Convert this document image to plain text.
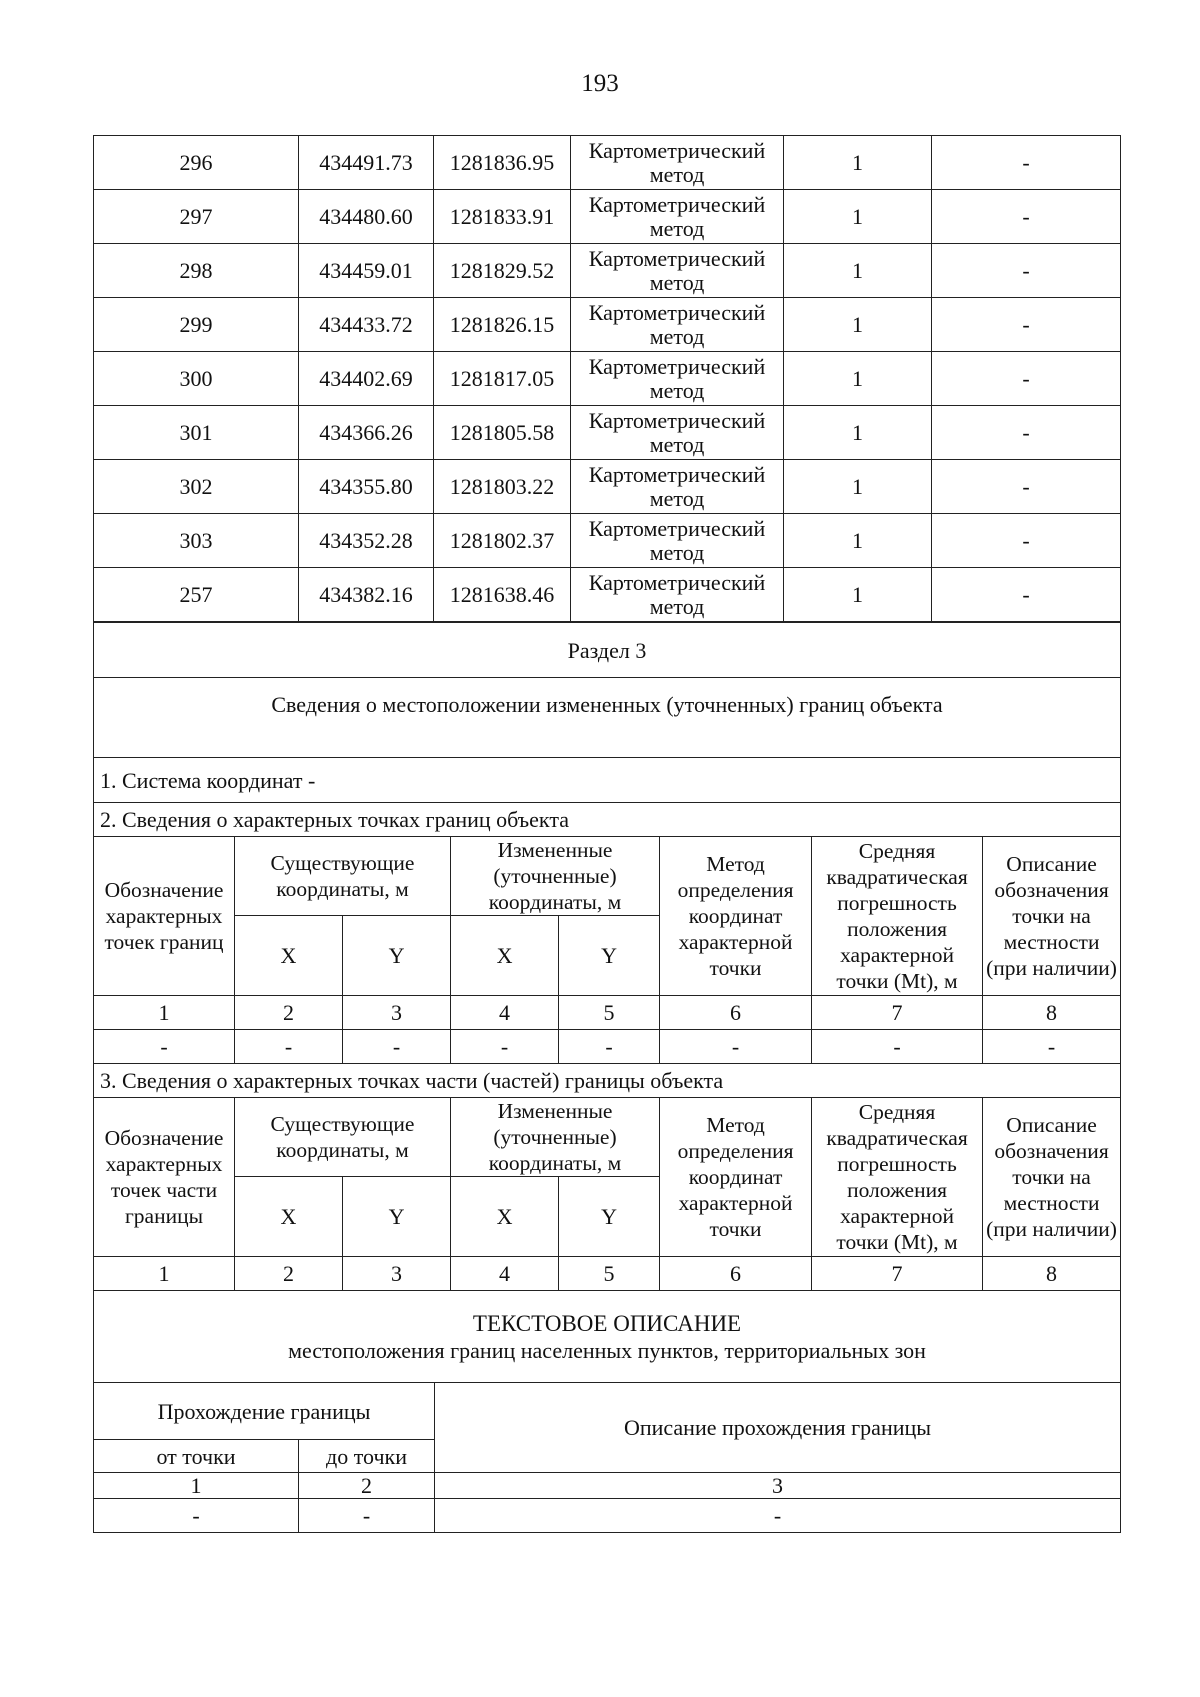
193
296	434491.73	1281836.95	Картометрический метод	1	-
297	434480.60	1281833.91	Картометрический метод	1	-
298	434459.01	1281829.52	Картометрический метод	1	-
299	434433.72	1281826.15	Картометрический метод	1	-
300	434402.69	1281817.05	Картометрический метод	1	-
301	434366.26	1281805.58	Картометрический метод	1	-
302	434355.80	1281803.22	Картометрический метод	1	-
303	434352.28	1281802.37	Картометрический метод	1	-
257	434382.16	1281638.46	Картометрический метод	1	-
Раздел 3
Сведения о местоположении измененных (уточненных) границ объекта
1. Система координат -
2. Сведения о характерных точках границ объекта
Обозначение характерных точек границ	Существующие координаты, м		Измененные (уточненные) координаты, м		Метод определения координат характерной точки	Средняя квадратическая погрешность положения характерной точки (Mt), м	Описание обозначения точки на местности (при наличии)
	X	Y	X	Y			
1	2	3	4	5	6	7	8
-	-	-	-	-	-	-	-
3. Сведения о характерных точках части (частей) границы объекта
Обозначение характерных точек части границы	Существующие координаты, м		Измененные (уточненные) координаты, м		Метод определения координат характерной точки	Средняя квадратическая погрешность положения характерной точки (Mt), м	Описание обозначения точки на местности (при наличии)
	X	Y	X	Y			
1	2	3	4	5	6	7	8
ТЕКСТОВОЕ ОПИСАНИЕ
местоположения границ населенных пунктов, территориальных зон		

Прохождение границы		Описание прохождения границы
от точки	до точки	
1	2	3
-	-	-
